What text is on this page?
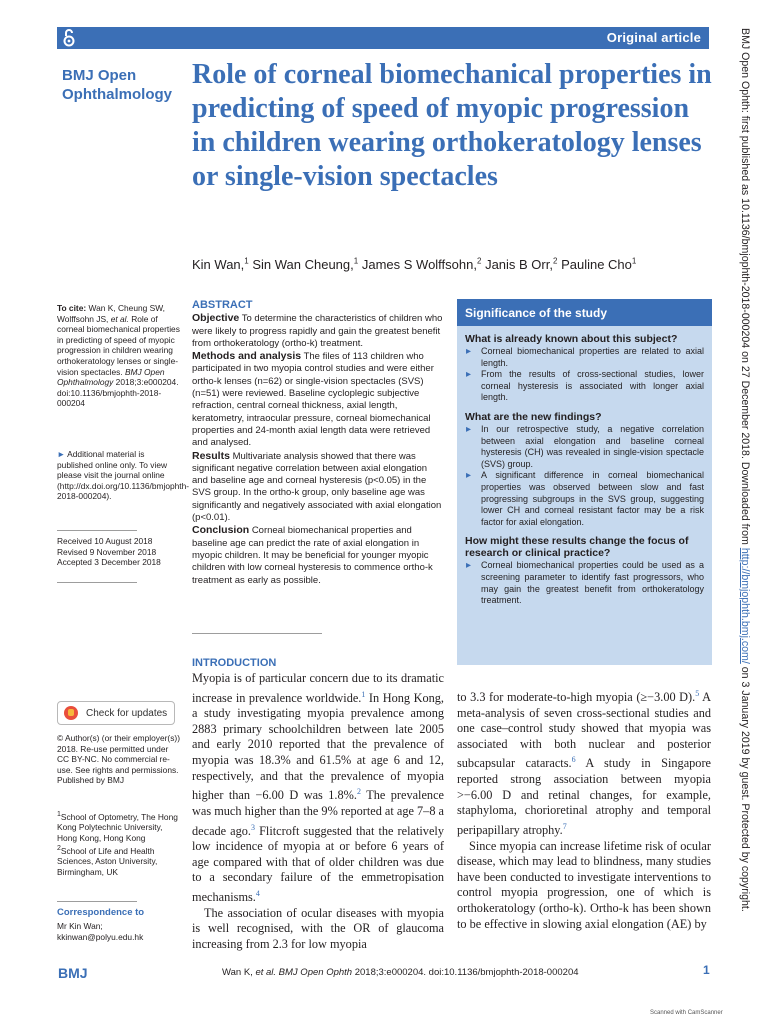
Original article
BMJ Open
Ophthalmology
Role of corneal biomechanical properties in predicting of speed of myopic progression in children wearing orthokeratology lenses or single-vision spectacles
Kin Wan,$^1$ Sin Wan Cheung,$^1$ James S Wolffsohn,$^2$ Janis B Orr,$^2$ Pauline Cho$^1$
To cite: Wan K, Cheung SW, Wolffsohn JS, et al. Role of corneal biomechanical properties in predicting of speed of myopic progression in children wearing orthokeratology lenses or single-vision spectacles. BMJ Open Ophthalmology 2018;3:e000204. doi:10.1136/bmjophth-2018-000204
► Additional material is published online only. To view please visit the journal online (http://dx.doi.org/10.1136/bmjophth-2018-000204).
Received 10 August 2018
Revised 9 November 2018
Accepted 3 December 2018
Check for updates
© Author(s) (or their employer(s)) 2018. Re-use permitted under CC BY-NC. No commercial re-use. See rights and permissions. Published by BMJ
$^1$School of Optometry, The Hong Kong Polytechnic University, Hong Kong, Hong Kong
$^2$School of Life and Health Sciences, Aston University, Birmingham, UK
Correspondence to
Mr Kin Wan; kkinwan@polyu.edu.hk
ABSTRACT
Objective To determine the characteristics of children who were likely to progress rapidly and gain the greatest benefit from orthokeratology (ortho-k) treatment.
Methods and analysis The files of 113 children who participated in two myopia control studies and were either ortho-k lenses (n=62) or single-vision spectacles (SVS) (n=51) were reviewed. Baseline cycloplegic subjective refraction, central corneal thickness, axial length, keratometry, intraocular pressure, corneal biomechanical properties and 24-month axial length data were retrieved and analysed.
Results Multivariate analysis showed that there was significant negative correlation between axial elongation and baseline age and corneal hysteresis (p<0.05) in the SVS group. In the ortho-k group, only baseline age was significantly and negatively associated with axial elongation (p<0.01).
Conclusion Corneal biomechanical properties and baseline age can predict the rate of axial elongation in myopic children. It may be beneficial for younger myopic children with low corneal hysteresis to commence ortho-k treatment as early as possible.
Significance of the study
What is already known about this subject?
▸ Corneal biomechanical properties are related to axial length.
▸ From the results of cross-sectional studies, lower corneal hysteresis is associated with longer axial length.
What are the new findings?
▸ In our retrospective study, a negative correlation between axial elongation and baseline corneal hysteresis (CH) was revealed in single-vision spectacle (SVS) group.
▸ A significant difference in corneal biomechanical properties was observed between slow and fast progressing subgroups in the SVS group, suggesting lower CH and corneal resistant factor may be a risk factor for axial elongation.
How might these results change the focus of research or clinical practice?
▸ Corneal biomechanical properties could be used as a screening parameter to identify fast progressors, who may gain the greatest benefit from orthokeratology treatment.
INTRODUCTION

Myopia is of particular concern due to its dramatic increase in prevalence worldwide.$^1$ In Hong Kong, a study investigating myopia prevalence among 2883 primary schoolchildren between late 2005 and early 2010 reported that the prevalence of myopia was 18.3% and 61.5% at age 6 and 12, respectively, and that the prevalence of myopia higher than −6.00 D was 1.8%.$^2$ The prevalence was much higher than the 9% reported at age 7–8 a decade ago.$^3$ Flitcroft suggested that the relatively low incidence of myopia at or before 6 years of age compared with that of older children was due to a secondary failure of the emmetropisation mechanisms.$^4$

The association of ocular diseases with myopia is well recognised, with the OR of glaucoma increasing from 2.3 for low myopia

to 3.3 for moderate-to-high myopia (≥−3.00 D).$^5$ A meta-analysis of seven cross-sectional studies and one case–control study showed that myopia was associated with both nuclear and posterior subcapsular cataracts.$^6$ A study in Singapore reported strong association between myopia >−6.00 D and retinal changes, for example, staphyloma, chorioretinal atrophy and temporal peripapillary atrophy.$^7$

Since myopia can increase lifetime risk of ocular disease, which may lead to blindness, many studies have been conducted to investigate interventions to control myopia progression, one of which is orthokeratology (ortho-k). Ortho-k has been shown to be effective in slowing axial elongation (AE) by

BMJ	Wan K, et al. BMJ Open Ophth 2018;3:e000204. doi:10.1136/bmjophth-2018-000204	1
Scanned with CamScanner
BMJ Open Ophth: first published as 10.1136/bmjophth-2018-000204 on 27 December 2018. Downloaded from http://bmjophth.bmj.com/ on 3 January 2019 by guest. Protected by copyright.
